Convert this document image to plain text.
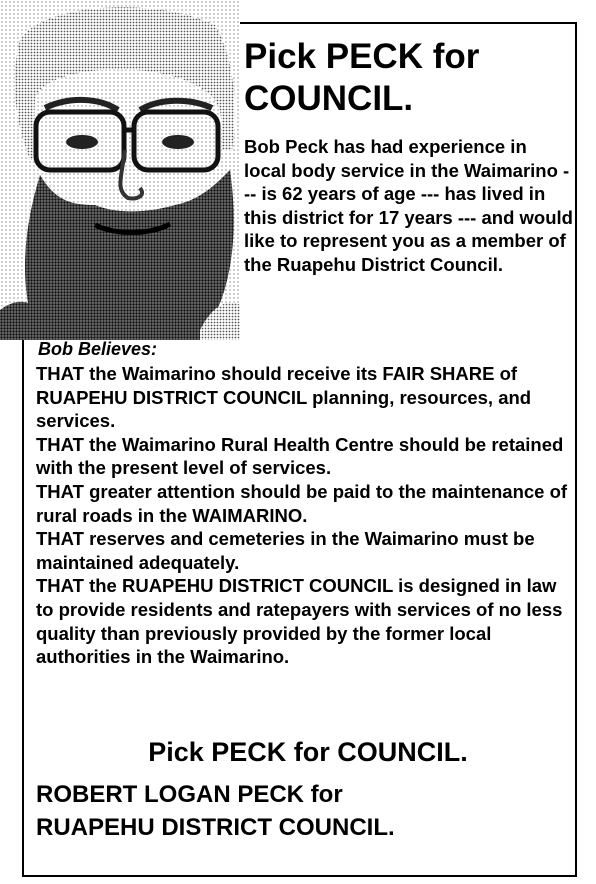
Pick PECK for COUNCIL.

Bob Peck has had experience in local body service in the Waimarino --- is 62 years of age --- has lived in this district for 17 years --- and would like to represent you as a member of the Ruapehu District Council.

Bob Believes:

THAT the Waimarino should receive its FAIR SHARE of RUAPEHU DISTRICT COUNCIL planning, resources, and services.
THAT the Waimarino Rural Health Centre should be retained with the present level of services.
THAT greater attention should be paid to the maintenance of rural roads in the WAIMARINO.
THAT reserves and cemeteries in the Waimarino must be maintained adequately.
THAT the RUAPEHU DISTRICT COUNCIL is designed in law to provide residents and ratepayers with services of no less quality than previously provided by the former local authorities in the Waimarino.

Pick PECK for COUNCIL.

ROBERT LOGAN PECK for
RUAPEHU DISTRICT COUNCIL.
